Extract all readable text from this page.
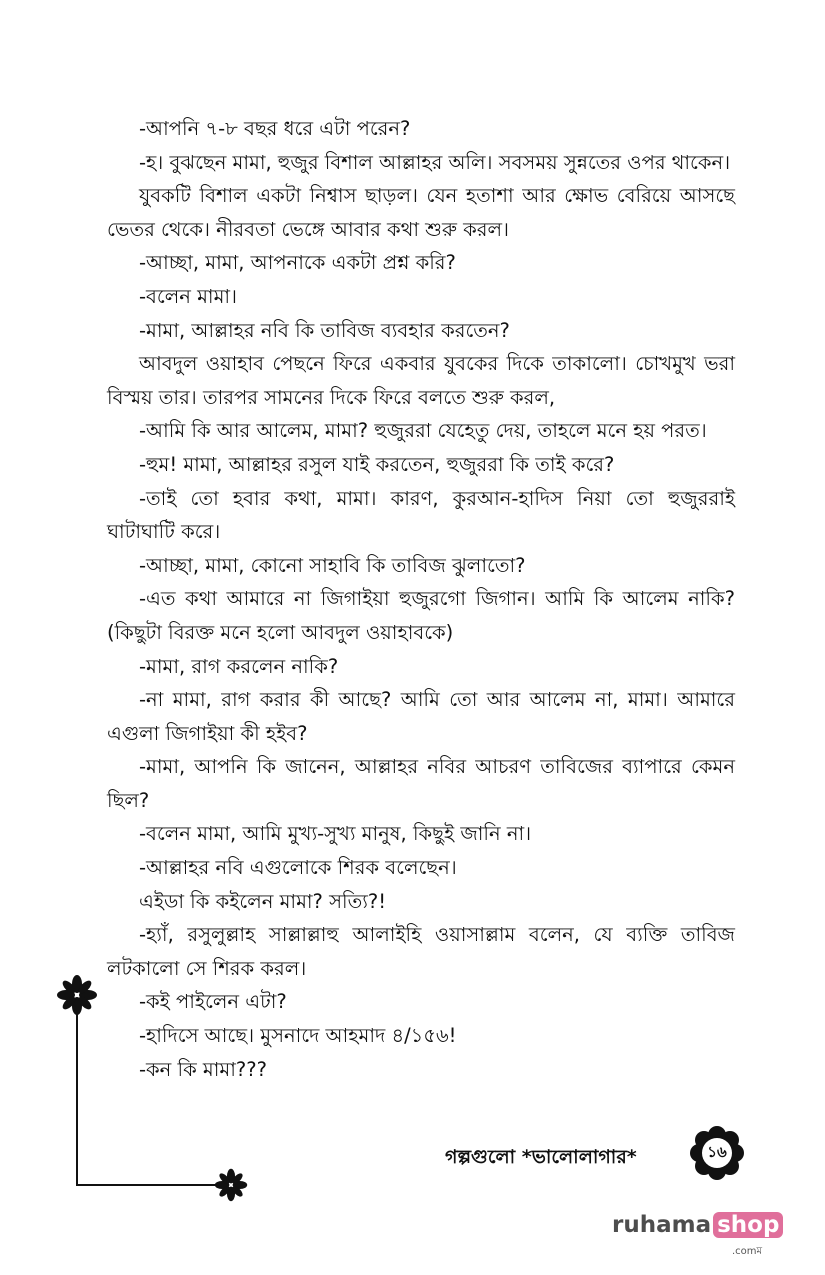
-আপনি ৭-৮ বছর ধরে এটা পরেন?

-হ। বুঝছেন মামা, হুজুর বিশাল আল্লাহর অলি। সবসময় সুন্নতের ওপর থাকেন।

যুবকটি বিশাল একটা নিশ্বাস ছাড়ল। যেন হতাশা আর ক্ষোভ বেরিয়ে আসছে ভেতর থেকে। নীরবতা ভেঙ্গে আবার কথা শুরু করল।

-আচ্ছা, মামা, আপনাকে একটা প্রশ্ন করি?

-বলেন মামা।

-মামা, আল্লাহর নবি কি তাবিজ ব্যবহার করতেন?

আবদুল ওয়াহাব পেছনে ফিরে একবার যুবকের দিকে তাকালো। চোখমুখ ভরা বিস্ময় তার। তারপর সামনের দিকে ফিরে বলতে শুরু করল,

-আমি কি আর আলেম, মামা? হুজুররা যেহেতু দেয়, তাহলে মনে হয় পরত।

-হুম! মামা, আল্লাহর রসুল যাই করতেন, হুজুররা কি তাই করে?

-তাই তো হবার কথা, মামা। কারণ, কুরআন-হাদিস নিয়া তো হুজুররাই ঘাটাঘাটি করে।

-আচ্ছা, মামা, কোনো সাহাবি কি তাবিজ ঝুলাতো?

-এত কথা আমারে না জিগাইয়া হুজুরগো জিগান। আমি কি আলেম নাকি? (কিছুটা বিরক্ত মনে হলো আবদুল ওয়াহাবকে)

-মামা, রাগ করলেন নাকি?

-না মামা, রাগ করার কী আছে? আমি তো আর আলেম না, মামা। আমারে এগুলা জিগাইয়া কী হইব?

-মামা, আপনি কি জানেন, আল্লাহর নবির আচরণ তাবিজের ব্যাপারে কেমন ছিল?

-বলেন মামা, আমি মুখ্য-সুখ্য মানুষ, কিছুই জানি না।

-আল্লাহর নবি এগুলোকে শিরক বলেছেন।

এইডা কি কইলেন মামা? সত্যি?!

-হ্যাঁ, রসুলুল্লাহ সাল্লাল্লাহু আলাইহি ওয়াসাল্লাম বলেন, যে ব্যক্তি তাবিজ লটকালো সে শিরক করল।

-কই পাইলেন এটা?

-হাদিসে আছে। মুসনাদে আহমাদ ৪/১৫৬!

-কন কি মামা???

গল্পগুলো *ভালোলাগার*	১৬
ruhama shop
.comম
